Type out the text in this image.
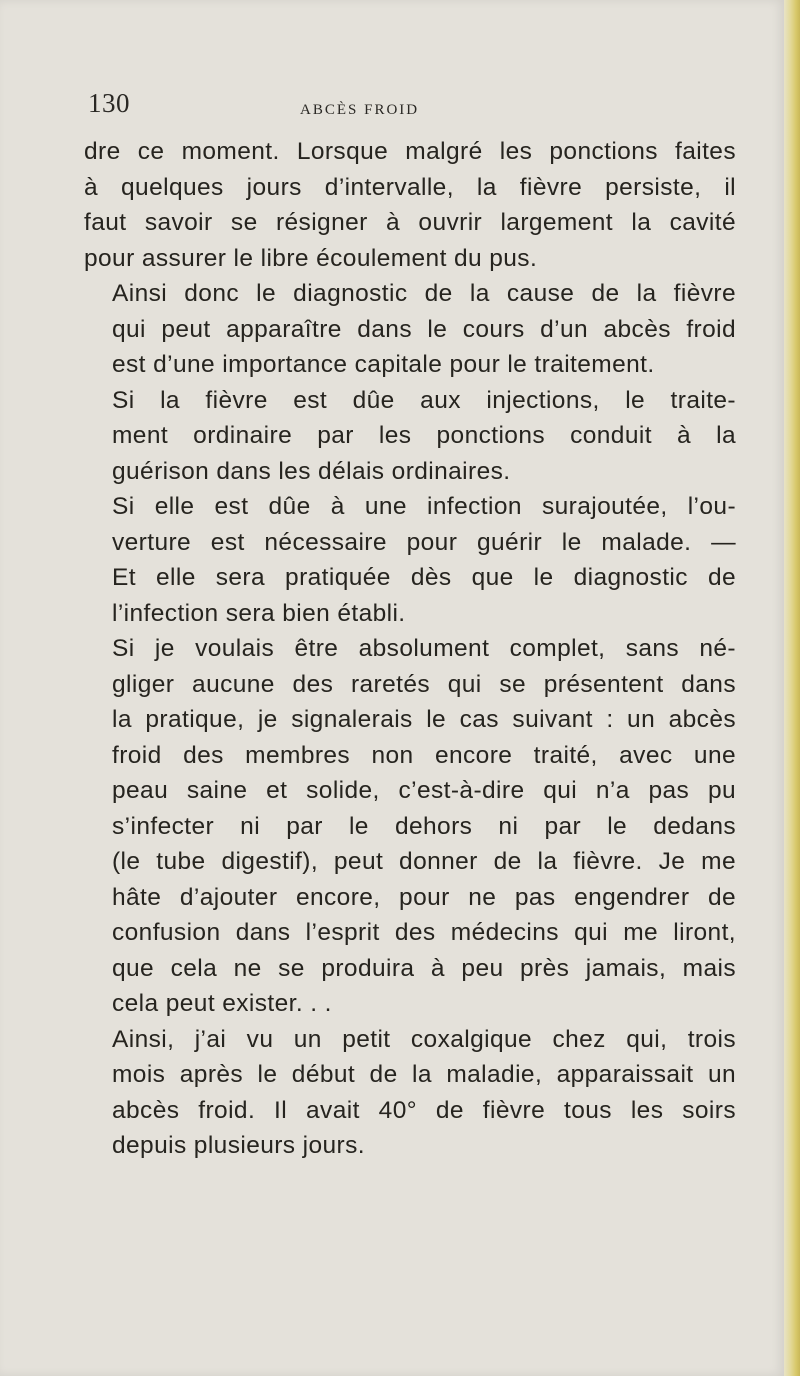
130	ABCÈS FROID

dre ce moment. Lorsque malgré les ponctions faites
à quelques jours d’intervalle, la fièvre persiste, il
faut savoir se résigner à ouvrir largement la cavité
pour assurer le libre écoulement du pus.

Ainsi donc le diagnostic de la cause de la fièvre
qui peut apparaître dans le cours d’un abcès froid
est d’une importance capitale pour le traitement.

Si la fièvre est dûe aux injections, le traite-
ment ordinaire par les ponctions conduit à la
guérison dans les délais ordinaires.

Si elle est dûe à une infection surajoutée, l’ou-
verture est nécessaire pour guérir le malade. —
Et elle sera pratiquée dès que le diagnostic de
l’infection sera bien établi.

Si je voulais être absolument complet, sans né-
gliger aucune des raretés qui se présentent dans
la pratique, je signalerais le cas suivant : un abcès
froid des membres non encore traité, avec une
peau saine et solide, c’est-à-dire qui n’a pas pu
s’infecter ni par le dehors ni par le dedans
(le tube digestif), peut donner de la fièvre. Je me
hâte d’ajouter encore, pour ne pas engendrer de
confusion dans l’esprit des médecins qui me liront,
que cela ne se produira à peu près jamais, mais
cela peut exister. . .

Ainsi, j’ai vu un petit coxalgique chez qui, trois
mois après le début de la maladie, apparaissait un
abcès froid. Il avait 40° de fièvre tous les soirs
depuis plusieurs jours.
